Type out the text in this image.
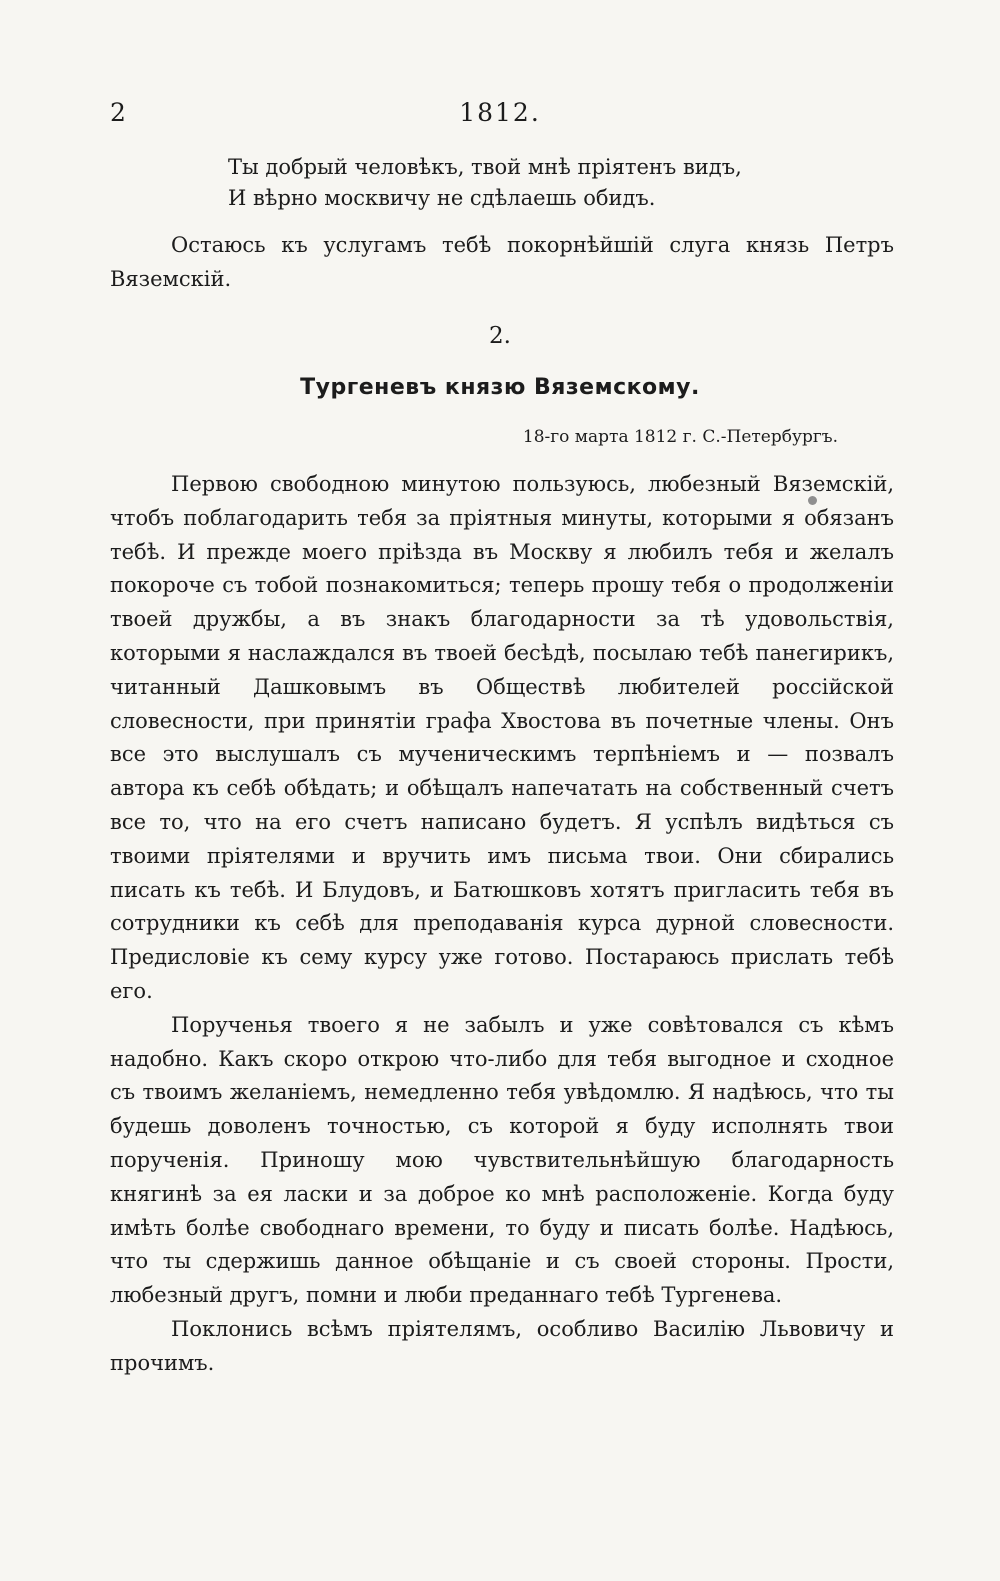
2	1812.
Ты добрый человѣкъ, твой мнѣ пріятенъ видъ,
И вѣрно москвичу не сдѣлаешь обидъ.

Остаюсь къ услугамъ тебѣ покорнѣйшій слуга князь Петръ Вяземскій.

2.
Тургеневъ князю Вяземскому.
18-го марта 1812 г. С.-Петербургъ.

Первою свободною минутою пользуюсь, любезный Вяземскій, чтобъ поблагодарить тебя за пріятныя минуты, которыми я обязанъ тебѣ. И прежде моего пріѣзда въ Москву я любилъ тебя и желалъ покороче съ тобой познакомиться; теперь прошу тебя о продолженіи твоей дружбы, а въ знакъ благодарности за тѣ удовольствія, которыми я наслаждался въ твоей бесѣдѣ, посылаю тебѣ панегирикъ, читанный Дашковымъ въ Обществѣ любителей россійской словесности, при принятіи графа Хвостова въ почетные члены. Онъ все это выслушалъ съ мученическимъ терпѣніемъ и — позвалъ автора къ себѣ обѣдать; и обѣщалъ напечатать на собственный счетъ все то, что на его счетъ написано будетъ. Я успѣлъ видѣться съ твоими пріятелями и вручить имъ письма твои. Они сбирались писать къ тебѣ. И Блудовъ, и Батюшковъ хотятъ пригласить тебя въ сотрудники къ себѣ для преподаванія курса дурной словесности. Предисловіе къ сему курсу уже готово. Постараюсь прислать тебѣ его.

Порученья твоего я не забылъ и уже совѣтовался съ кѣмъ надобно. Какъ скоро открою что-либо для тебя выгодное и сходное съ твоимъ желаніемъ, немедленно тебя увѣдомлю. Я надѣюсь, что ты будешь доволенъ точностью, съ которой я буду исполнять твои порученія. Приношу мою чувствительнѣйшую благодарность княгинѣ за ея ласки и за доброе ко мнѣ расположеніе. Когда буду имѣть болѣе свободнаго времени, то буду и писать болѣе. Надѣюсь, что ты сдержишь данное обѣщаніе и съ своей стороны. Прости, любезный другъ, помни и люби преданнаго тебѣ Тургенева.

Поклонись всѣмъ пріятелямъ, особливо Василію Львовичу и прочимъ.
